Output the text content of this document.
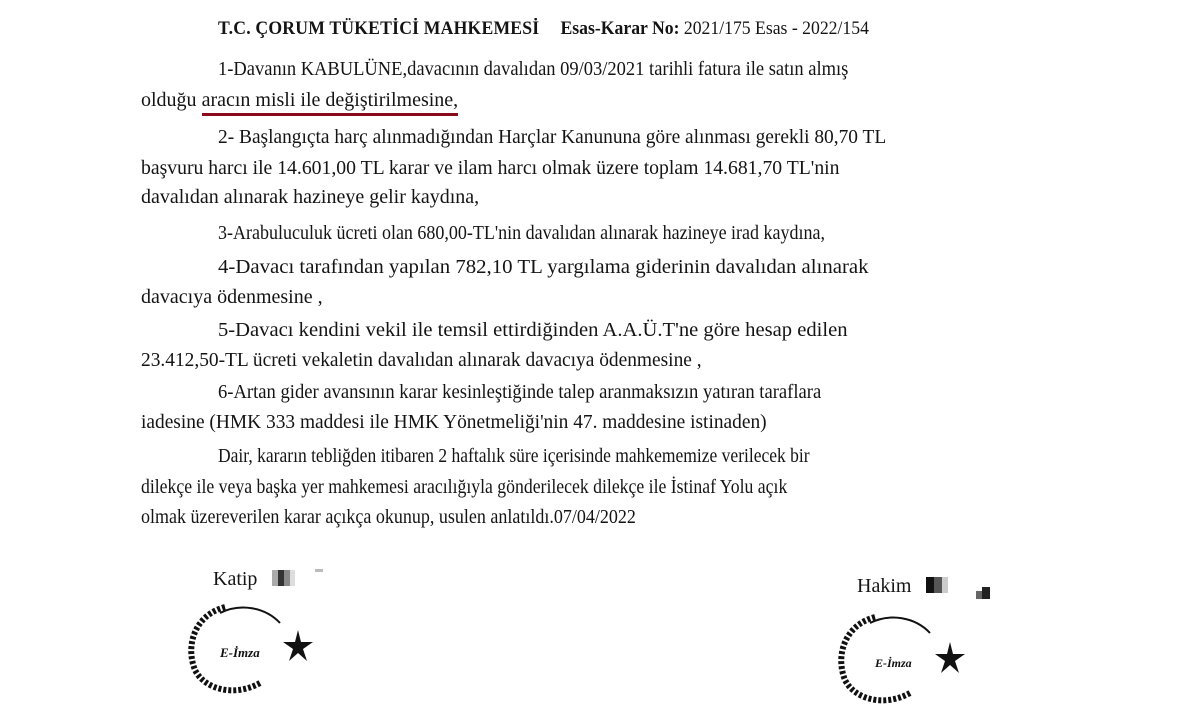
T.C. ÇORUM TÜKETİCİ MAHKEMESİ Esas-Karar No: 2021/175 Esas - 2022/154
1-Davanın KABULÜNE,davacının davalıdan 09/03/2021 tarihli fatura ile satın almış
olduğu aracın misli ile değiştirilmesine,
2- Başlangıçta harç alınmadığından Harçlar Kanununa göre alınması gerekli 80,70 TL
başvuru harcı ile 14.601,00 TL karar ve ilam harcı olmak üzere toplam 14.681,70 TL'nin
davalıdan alınarak hazineye gelir kaydına,
3-Arabuluculuk ücreti olan 680,00-TL'nin davalıdan alınarak hazineye irad kaydına,
4-Davacı tarafından yapılan 782,10 TL yargılama giderinin davalıdan alınarak
davacıya ödenmesine ,
5-Davacı kendini vekil ile temsil ettirdiğinden A.A.Ü.T'ne göre hesap edilen
23.412,50-TL ücreti vekaletin davalıdan alınarak davacıya ödenmesine ,
6-Artan gider avansının karar kesinleştiğinde talep aranmaksızın yatıran taraflara
iadesine (HMK 333 maddesi ile HMK Yönetmeliği'nin 47. maddesine istinaden)
Dair, kararın tebliğden itibaren 2 haftalık süre içerisinde mahkememize verilecek bir
dilekçe ile veya başka yer mahkemesi aracılığıyla gönderilecek dilekçe ile İstinaf Yolu açık
olmak üzereverilen karar açıkça okunup, usulen anlatıldı.07/04/2022
Katip
E-İmza
Hakim
E-İmza
